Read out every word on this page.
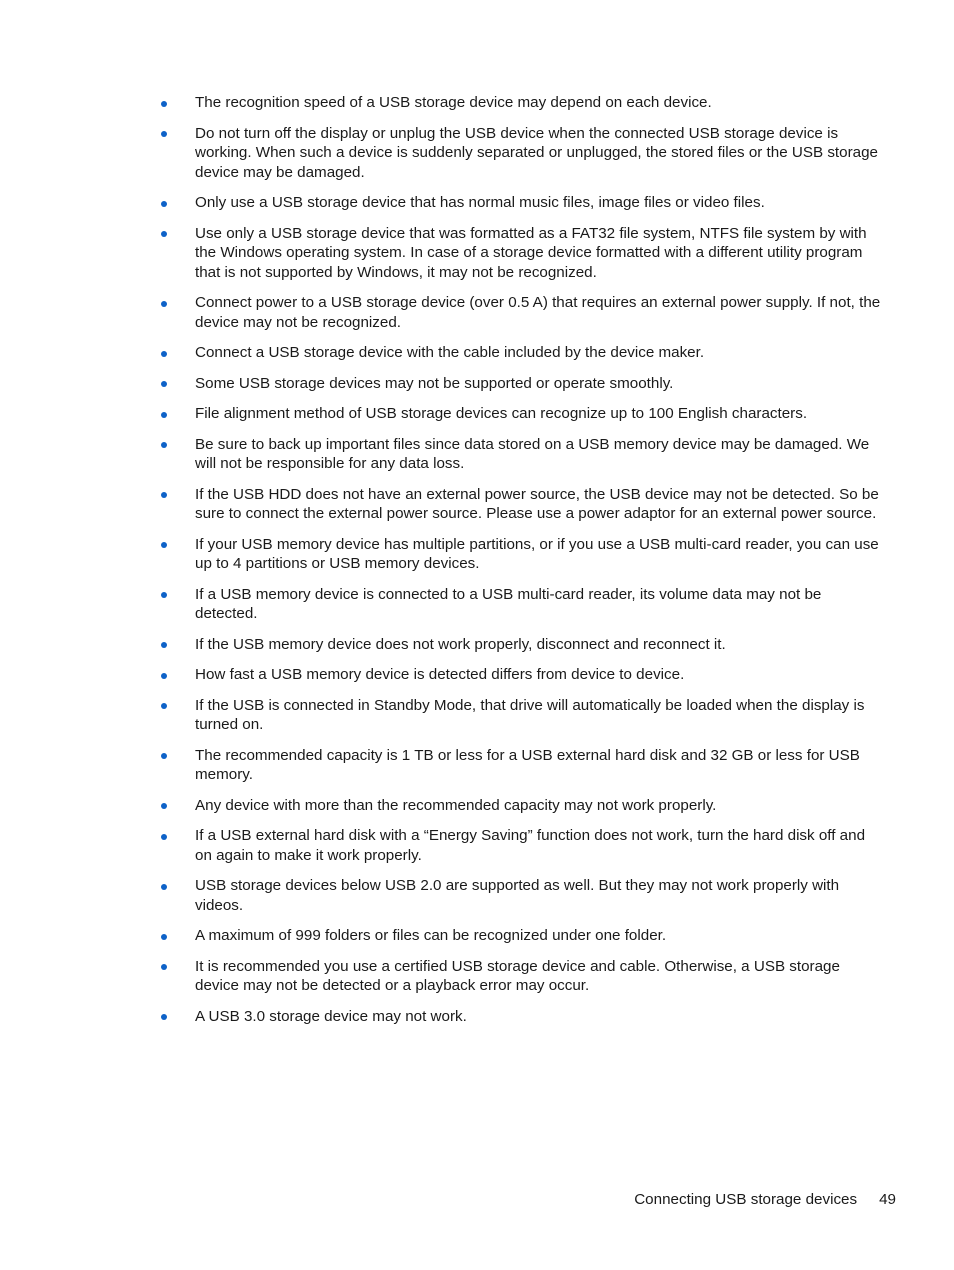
The recognition speed of a USB storage device may depend on each device.
Do not turn off the display or unplug the USB device when the connected USB storage device is working. When such a device is suddenly separated or unplugged, the stored files or the USB storage device may be damaged.
Only use a USB storage device that has normal music files, image files or video files.
Use only a USB storage device that was formatted as a FAT32 file system, NTFS file system by with the Windows operating system. In case of a storage device formatted with a different utility program that is not supported by Windows, it may not be recognized.
Connect power to a USB storage device (over 0.5 A) that requires an external power supply. If not, the device may not be recognized.
Connect a USB storage device with the cable included by the device maker.
Some USB storage devices may not be supported or operate smoothly.
File alignment method of USB storage devices can recognize up to 100 English characters.
Be sure to back up important files since data stored on a USB memory device may be damaged. We will not be responsible for any data loss.
If the USB HDD does not have an external power source, the USB device may not be detected. So be sure to connect the external power source. Please use a power adaptor for an external power source.
If your USB memory device has multiple partitions, or if you use a USB multi-card reader, you can use up to 4 partitions or USB memory devices.
If a USB memory device is connected to a USB multi-card reader, its volume data may not be detected.
If the USB memory device does not work properly, disconnect and reconnect it.
How fast a USB memory device is detected differs from device to device.
If the USB is connected in Standby Mode, that drive will automatically be loaded when the display is turned on.
The recommended capacity is 1 TB or less for a USB external hard disk and 32 GB or less for USB memory.
Any device with more than the recommended capacity may not work properly.
If a USB external hard disk with a “Energy Saving” function does not work, turn the hard disk off and on again to make it work properly.
USB storage devices below USB 2.0 are supported as well. But they may not work properly with videos.
A maximum of 999 folders or files can be recognized under one folder.
It is recommended you use a certified USB storage device and cable. Otherwise, a USB storage device may not be detected or a playback error may occur.
A USB 3.0 storage device may not work.
Connecting USB storage devices 49
